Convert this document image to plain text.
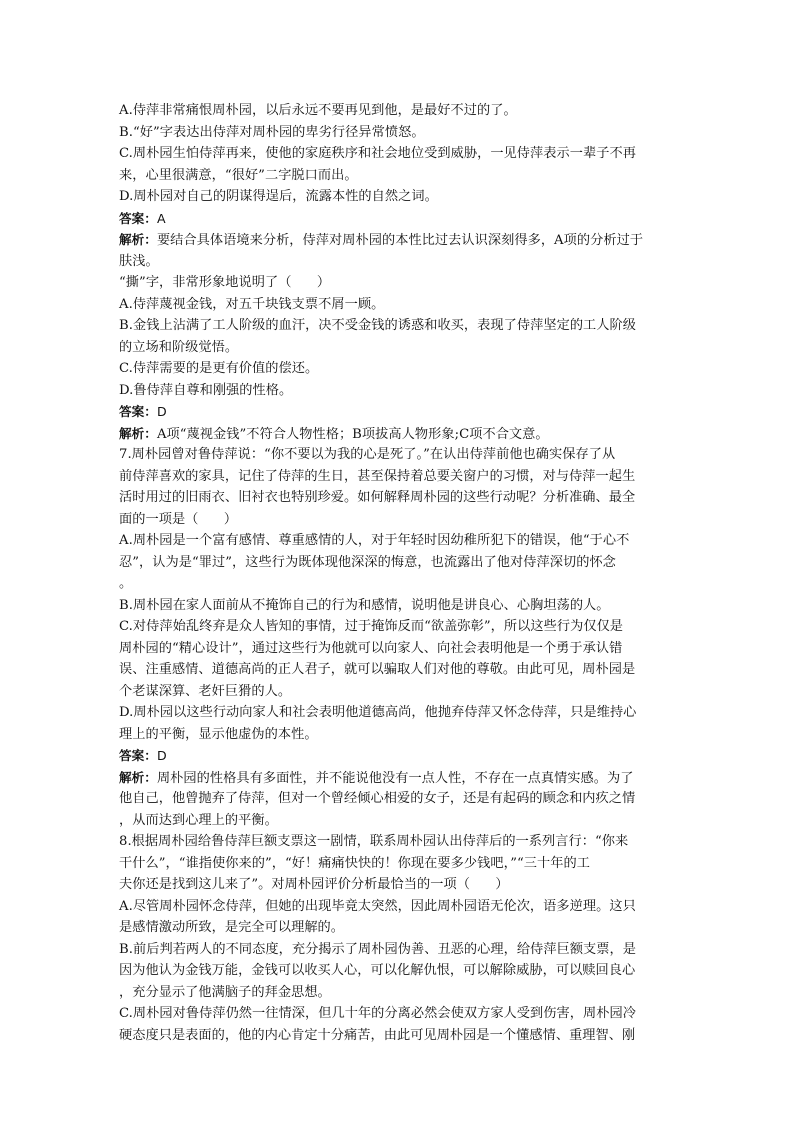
A.侍萍非常痛恨周朴园，以后永远不要再见到他，是最好不过的了。
B.“好”字表达出侍萍对周朴园的卑劣行径异常愤怒。
C.周朴园生怕侍萍再来，使他的家庭秩序和社会地位受到威胁，一见侍萍表示一辈子不再
来，心里很满意，“很好”二字脱口而出。
D.周朴园对自己的阴谋得逞后，流露本性的自然之词。
答案：A
解析：要结合具体语境来分析，侍萍对周朴园的本性比过去认识深刻得多，A项的分析过于
肤浅。
“撕”字，非常形象地说明了（      ）
A.侍萍蔑视金钱，对五千块钱支票不屑一顾。
B.金钱上沾满了工人阶级的血汗，决不受金钱的诱惑和收买，表现了侍萍坚定的工人阶级
的立场和阶级觉悟。
C.侍萍需要的是更有价值的偿还。
D.鲁侍萍自尊和刚强的性格。
答案：D
解析：A项“蔑视金钱”不符合人物性格；B项拔高人物形象;C项不合文意。
7.周朴园曾对鲁侍萍说：“你不要以为我的心是死了。”在认出侍萍前他也确实保存了从
前侍萍喜欢的家具，记住了侍萍的生日，甚至保持着总要关窗户的习惯，对与侍萍一起生
活时用过的旧雨衣、旧衬衣也特别珍爱。如何解释周朴园的这些行动呢？分析准确、最全
面的一项是（      ）
A.周朴园是一个富有感情、尊重感情的人，对于年轻时因幼稚所犯下的错误，他“于心不
忍”，认为是“罪过”，这些行为既体现他深深的悔意，也流露出了他对侍萍深切的怀念
。
B.周朴园在家人面前从不掩饰自己的行为和感情，说明他是讲良心、心胸坦荡的人。
C.对侍萍始乱终弃是众人皆知的事情，过于掩饰反而“欲盖弥彰”，所以这些行为仅仅是
周朴园的“精心设计”，通过这些行为他就可以向家人、向社会表明他是一个勇于承认错
误、注重感情、道德高尚的正人君子，就可以骗取人们对他的尊敬。由此可见，周朴园是
个老谋深算、老奸巨猾的人。
D.周朴园以这些行动向家人和社会表明他道德高尚，他抛弃侍萍又怀念侍萍，只是维持心
理上的平衡，显示他虚伪的本性。
答案：D
解析：周朴园的性格具有多面性，并不能说他没有一点人性，不存在一点真情实感。为了
他自己，他曾抛弃了侍萍，但对一个曾经倾心相爱的女子，还是有起码的顾念和内疚之情
，从而达到心理上的平衡。
8.根据周朴园给鲁侍萍巨额支票这一剧情，联系周朴园认出侍萍后的一系列言行：“你来
干什么”，“谁指使你来的”，“好！痛痛快快的！你现在要多少钱吧，”“三十年的工
夫你还是找到这儿来了”。对周朴园评价分析最恰当的一项（      ）
A.尽管周朴园怀念侍萍，但她的出现毕竟太突然，因此周朴园语无伦次，语多逆理。这只
是感情激动所致，是完全可以理解的。
B.前后判若两人的不同态度，充分揭示了周朴园伪善、丑恶的心理，给侍萍巨额支票，是
因为他认为金钱万能，金钱可以收买人心，可以化解仇恨，可以解除威胁，可以赎回良心
，充分显示了他满脑子的拜金思想。
C.周朴园对鲁侍萍仍然一往情深，但几十年的分离必然会使双方家人受到伤害，周朴园冷
硬态度只是表面的，他的内心肯定十分痛苦，由此可见周朴园是一个懂感情、重理智、刚
